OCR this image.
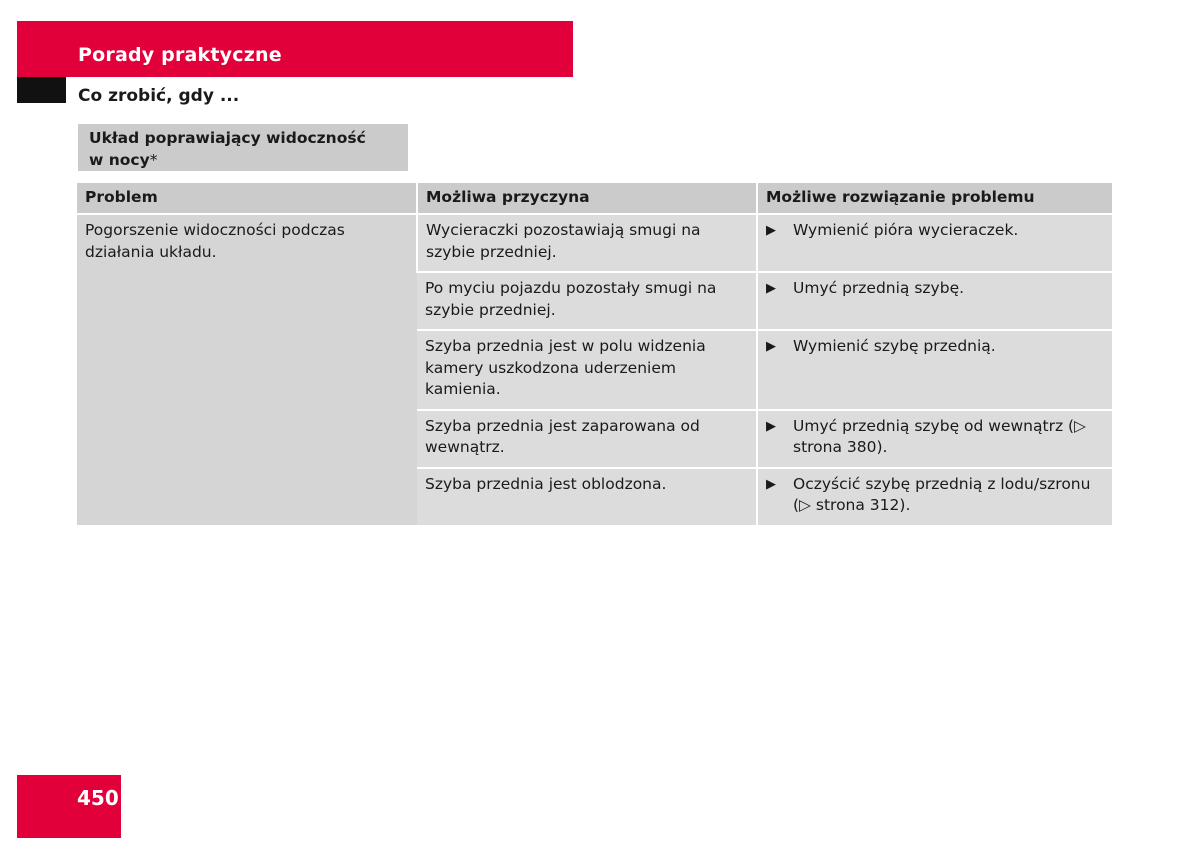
Porady praktyczne
Co zrobić, gdy ...
Układ poprawiający widoczność
w nocy*
Problem	Możliwa przyczyna	Możliwe rozwiązanie problemu
Pogorszenie widoczności podczas działania układu.	Wycieraczki pozostawiają smugi na szybie przedniej.	▶ Wymienić pióra wycieraczek.

	Po myciu pojazdu pozostały smugi na szybie przedniej.	▶ Umyć przednią szybę.

	Szyba przednia jest w polu widzenia kamery uszkodzona uderzeniem kamienia.	▶ Wymienić szybę przednią.

	Szyba przednia jest zaparowana od wewnątrz.	▶ Umyć przednią szybę od wewnątrz (▷ strona 380).

	Szyba przednia jest oblodzona.	▶ Oczyścić szybę przednią z lodu/szronu (▷ strona 312).
450
